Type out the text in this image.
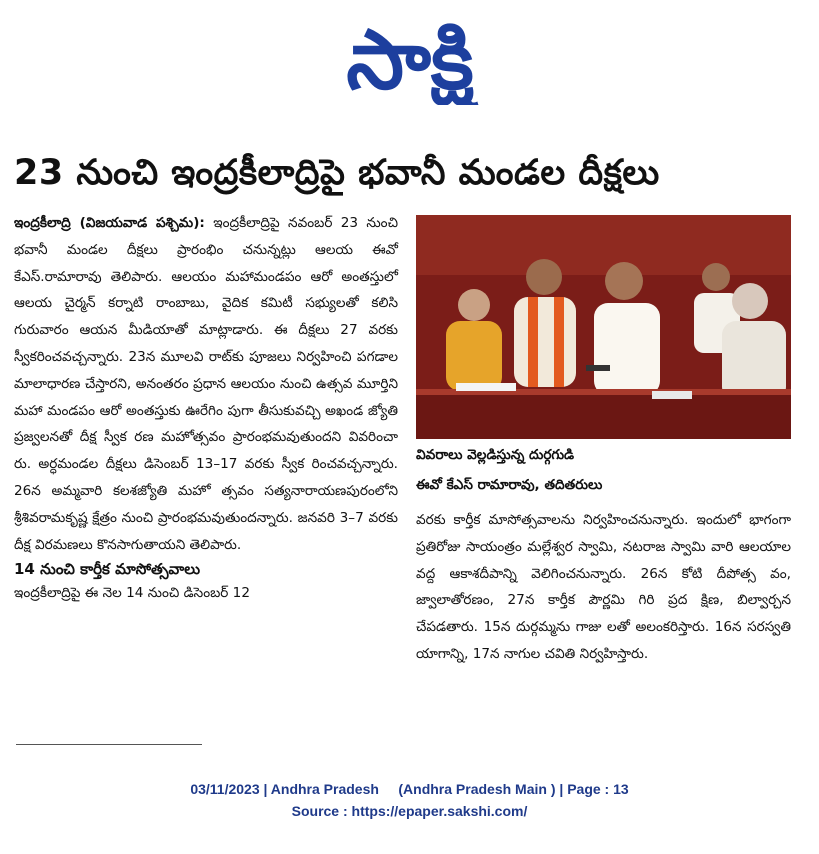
సాక్షి
23 నుంచి ఇంద్రకీలాద్రిపై భవానీ మండల దీక్షలు

ఇంద్రకీలాద్రి (విజయవాడ పశ్చిమ): ఇంద్రకీలాద్రిపై నవంబర్ 23 నుంచి భవానీ మండల దీక్షలు ప్రారంభిం చనున్నట్లు ఆలయ ఈవో కేఎస్.రామారావు తెలిపారు. ఆలయం మహామండపం ఆరో అంతస్తులో ఆలయ చైర్మన్ కర్నాటి రాంబాబు, వైదిక కమిటీ సభ్యులతో కలిసి గురువారం ఆయన మీడియాతో మాట్లాడారు. ఈ దీక్షలు 27 వరకు స్వీకరించవచ్చన్నారు. 23న మూలవి రాట్‌కు పూజలు నిర్వహించి పగడాల మాలాధారణ చేస్తారని, అనంతరం ప్రధాన ఆలయం నుంచి ఉత్సవ మూర్తిని మహా మండపం ఆరో అంతస్తుకు ఊరేగిం పుగా తీసుకువచ్చి అఖండ జ్యోతి ప్రజ్వలనతో దీక్ష స్వీక రణ మహోత్సవం ప్రారంభమవుతుందని వివరించా రు. అర్ధమండల దీక్షలు డిసెంబర్ 13–17 వరకు స్వీక రించవచ్చన్నారు. 26న అమ్మవారి కలశజ్యోతి మహో త్సవం సత్యనారాయణపురంలోని శ్రీశివరామకృష్ణ క్షేత్రం నుంచి ప్రారంభమవుతుందన్నారు. జనవరి 3–7 వరకు దీక్ష విరమణలు కొనసాగుతాయని తెలిపారు.

14 నుంచి కార్తీక మాసోత్సవాలు

ఇంద్రకీలాద్రిపై ఈ నెల 14 నుంచి డిసెంబర్ 12

వివరాలు వెల్లడిస్తున్న దుర్గగుడి
ఈవో కేఎస్ రామారావు, తదితరులు

వరకు కార్తీక మాసోత్సవాలను నిర్వహించనున్నారు. ఇందులో భాగంగా ప్రతిరోజు సాయంత్రం మల్లేశ్వర స్వామి, నటరాజ స్వామి వారి ఆలయాల వద్ద ఆకాశదీపాన్ని వెలిగించనున్నారు. 26న కోటి దీపోత్స వం, జ్వాలాతోరణం, 27న కార్తీక పౌర్ణమి గిరి ప్రద క్షిణ, బిల్వార్చన చేపడతారు. 15న దుర్గమ్మను గాజు లతో అలంకరిస్తారు. 16న సరస్వతి యాగాన్ని, 17న నాగుల చవితి నిర్వహిస్తారు.

03/11/2023 | Andhra Pradesh     (Andhra Pradesh Main ) | Page : 13
Source : https://epaper.sakshi.com/
